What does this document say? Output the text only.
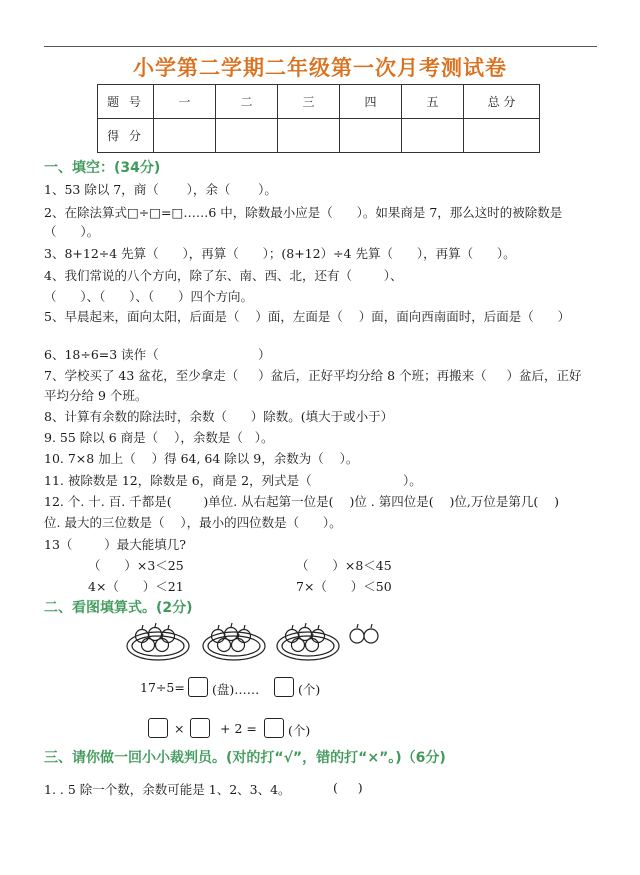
小学第二学期二年级第一次月考测试卷
题 号	一	二	三	四	五	总 分
得 分						
一、填空：(34分)
1、53 除以 7，商（       ），余（       ）。
2、在除法算式□÷□=□……6 中，除数最小应是（      ）。如果商是 7，那么这时的被除数是
（      ）。
3、8+12÷4 先算（      ），再算（      ）；(8+12）÷4 先算（      ），再算（      ）。
4、我们常说的八个方向，除了东、南、西、北，还有（        ）、
（      ）、（      ）、（      ）四个方向。
5、早晨起来，面向太阳，后面是（    ）面，左面是（    ）面，面向西南面时，后面是（      ）
6、18÷6=3 读作（                         ）
7、学校买了 43 盆花，至少拿走（     ）盆后，正好平均分给 8 个班；再搬来（     ）盆后，正好
平均分给 9 个班。
8、计算有余数的除法时，余数（      ）除数。(填大于或小于）
9. 55 除以 6 商是（    ），余数是（   ）。
10. 7×8 加上（    ）得 64, 64 除以 9，余数为（    ）。
11. 被除数是 12，除数是 6，商是 2，列式是（                       ）。
12. 个. 十. 百. 千都是(        )单位. 从右起第一位是(    )位 . 第四位是(    )位,万位是第几(    )
位. 最大的三位数是（    ），最小的四位数是（      ）。
13（        ）最大能填几?
（      ）×3＜25	（      ）×8＜45
4×（      ）＜21	7×（      ）＜50
二、看图填算式。(2分)
17÷5= (盘)……	(个)
×	+ 2 = (个)
三、请你做一回小小裁判员。(对的打“√”，错的打“×”。)（6分)
1. . 5 除一个数，余数可能是 1、2、3、4。	(     )
